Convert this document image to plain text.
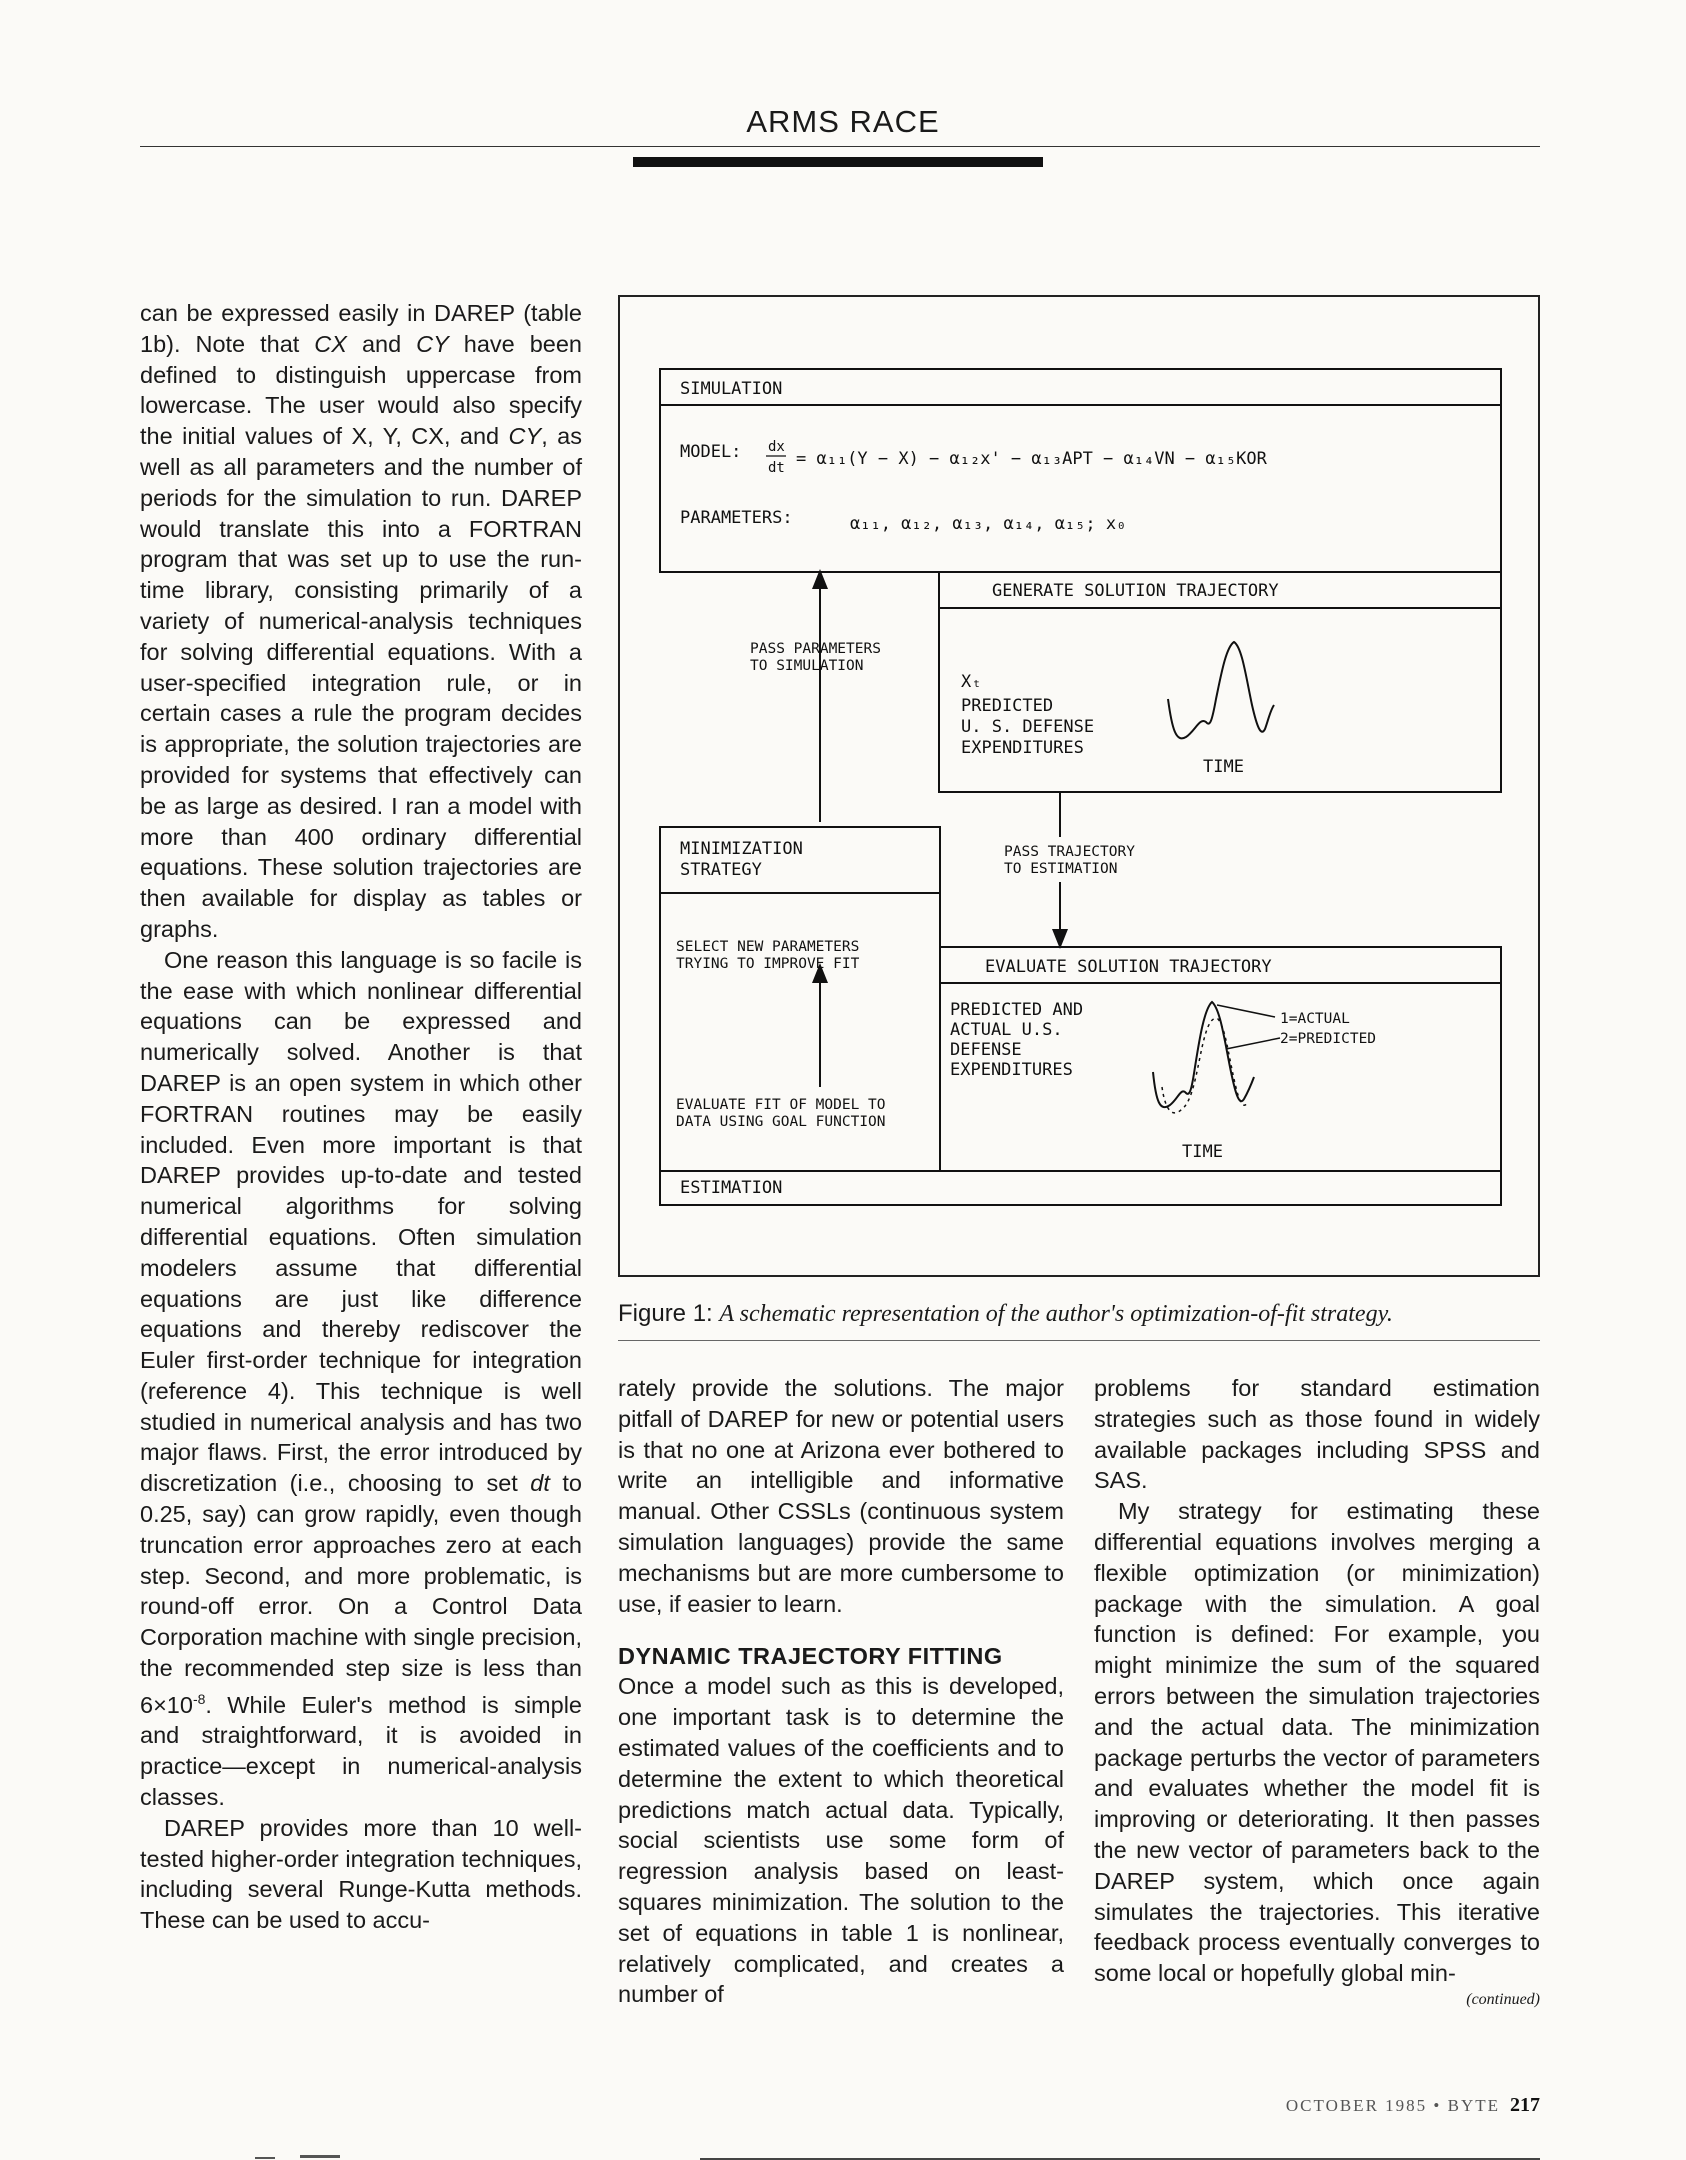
ARMS RACE

can be expressed easily in DAREP (table 1b). Note that CX and CY have been defined to distinguish uppercase from lowercase. The user would also specify the initial values of X, Y, CX, and CY, as well as all parameters and the number of periods for the simulation to run. DAREP would translate this into a FORTRAN program that was set up to use the run-time library, consisting primarily of a variety of numerical-analysis techniques for solving differential equations. With a user-specified integration rule, or in certain cases a rule the program decides is appropriate, the solution trajectories are provided for systems that effectively can be as large as desired. I ran a model with more than 400 ordinary differential equations. These solution trajectories are then available for display as tables or graphs.

One reason this language is so facile is the ease with which nonlinear differential equations can be expressed and numerically solved. Another is that DAREP is an open system in which other FORTRAN routines may be easily included. Even more important is that DAREP provides up-to-date and tested numerical algorithms for solving differential equations. Often simulation modelers assume that differential equations are just like difference equations and thereby rediscover the Euler first-order technique for integration (reference 4). This technique is well studied in numerical analysis and has two major flaws. First, the error introduced by discretization (i.e., choosing to set dt to 0.25, say) can grow rapidly, even though truncation error approaches zero at each step. Second, and more problematic, is round-off error. On a Control Data Corporation machine with single precision, the recommended step size is less than $6\times 10^{-8}$. While Euler's method is simple and straightforward, it is avoided in practice—except in numerical-analysis classes.

DAREP provides more than 10 well-tested higher-order integration techniques, including several Runge-Kutta methods. These can be used to accu-

SIMULATION
MODEL: dx
dt = α₁₁(Y − X) − α₁₂x' − α₁₃APT − α₁₄VN − α₁₅KOR
PARAMETERS:	α₁₁, α₁₂, α₁₃, α₁₄, α₁₅; x₀
GENERATE SOLUTION TRAJECTORY
Xₜ
PREDICTED
U. S. DEFENSE
EXPENDITURES
TIME
PASS PARAMETERS
TO SIMULATION
PASS TRAJECTORY
TO ESTIMATION
MINIMIZATION
STRATEGY
ESTIMATION
SELECT NEW PARAMETERS
TRYING TO IMPROVE FIT
EVALUATE FIT OF MODEL TO
DATA USING GOAL FUNCTION
EVALUATE SOLUTION TRAJECTORY
PREDICTED AND
ACTUAL U.S.
DEFENSE
EXPENDITURES
1=ACTUAL
2=PREDICTED
TIME
Figure 1: A schematic representation of the author's optimization-of-fit strategy.

rately provide the solutions. The major pitfall of DAREP for new or potential users is that no one at Arizona ever bothered to write an intelligible and informative manual. Other CSSLs (continuous system simulation languages) provide the same mechanisms but are more cumbersome to use, if easier to learn.

DYNAMIC TRAJECTORY FITTING

Once a model such as this is developed, one important task is to determine the estimated values of the coefficients and to determine the extent to which theoretical predictions match actual data. Typically, social scientists use some form of regression analysis based on least-squares minimization. The solution to the set of equations in table 1 is nonlinear, relatively complicated, and creates a number of

problems for standard estimation strategies such as those found in widely available packages including SPSS and SAS.

My strategy for estimating these differential equations involves merging a flexible optimization (or minimization) package with the simulation. A goal function is defined: For example, you might minimize the sum of the squared errors between the simulation trajectories and the actual data. The minimization package perturbs the vector of parameters and evaluates whether the model fit is improving or deteriorating. It then passes the new vector of parameters back to the DAREP system, which once again simulates the trajectories. This iterative feedback process eventually converges to some local or hopefully global min-

(continued)
OCTOBER 1985 • BYTE 217
